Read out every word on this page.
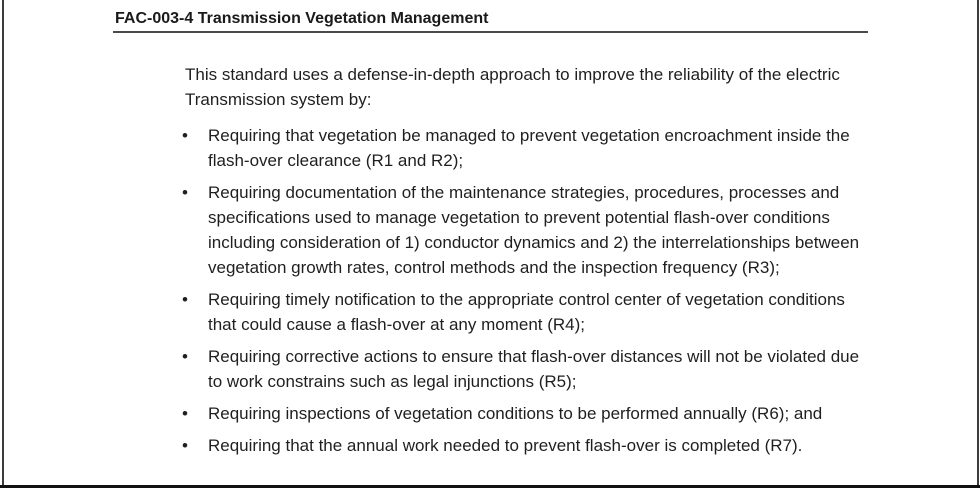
FAC-003-4 Transmission Vegetation Management

This standard uses a defense-in-depth approach to improve the reliability of the electric Transmission system by:

• Requiring that vegetation be managed to prevent vegetation encroachment inside the flash-over clearance (R1 and R2);
• Requiring documentation of the maintenance strategies, procedures, processes and specifications used to manage vegetation to prevent potential flash-over conditions including consideration of 1) conductor dynamics and 2) the interrelationships between vegetation growth rates, control methods and the inspection frequency (R3);
• Requiring timely notification to the appropriate control center of vegetation conditions that could cause a flash-over at any moment (R4);
• Requiring corrective actions to ensure that flash-over distances will not be violated due to work constrains such as legal injunctions (R5);
• Requiring inspections of vegetation conditions to be performed annually (R6); and
• Requiring that the annual work needed to prevent flash-over is completed (R7).
